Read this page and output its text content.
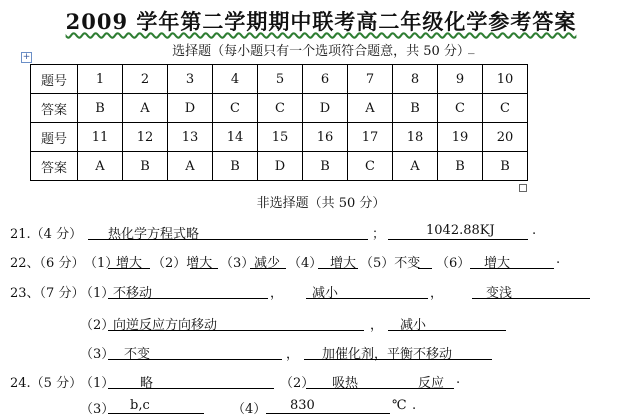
2009 学年第二学期期中联考高二年级化学参考答案
选择题（每小题只有一个选项符合题意，共 50 分）
_
+
题号	1	2	3	4	5	6	7	8	9	10
答案	B	A	D	C	C	D	A	B	C	C
题号	11	12	13	14	15	16	17	18	19	20
答案	A	B	A	B	D	B	C	A	B	B
非选择题（共 50 分）
21.（4 分） 热化学方程式略	；	1042.88KJ	.
22、（6 分） （1）
增大 （2）增大 （3） 减少 （4） 增大 （5）不变 （6） 增大	.
23、（7 分）
（1）
不移动	， 减小	，	变浅
（2）
向逆反应方向移动	， 减小
（3） 不变	， 加催化剂，平衡不移动
24.（5 分）
（1） 略	（2） 吸热	反应 .
（3） b,c	（4） 830	℃ .
